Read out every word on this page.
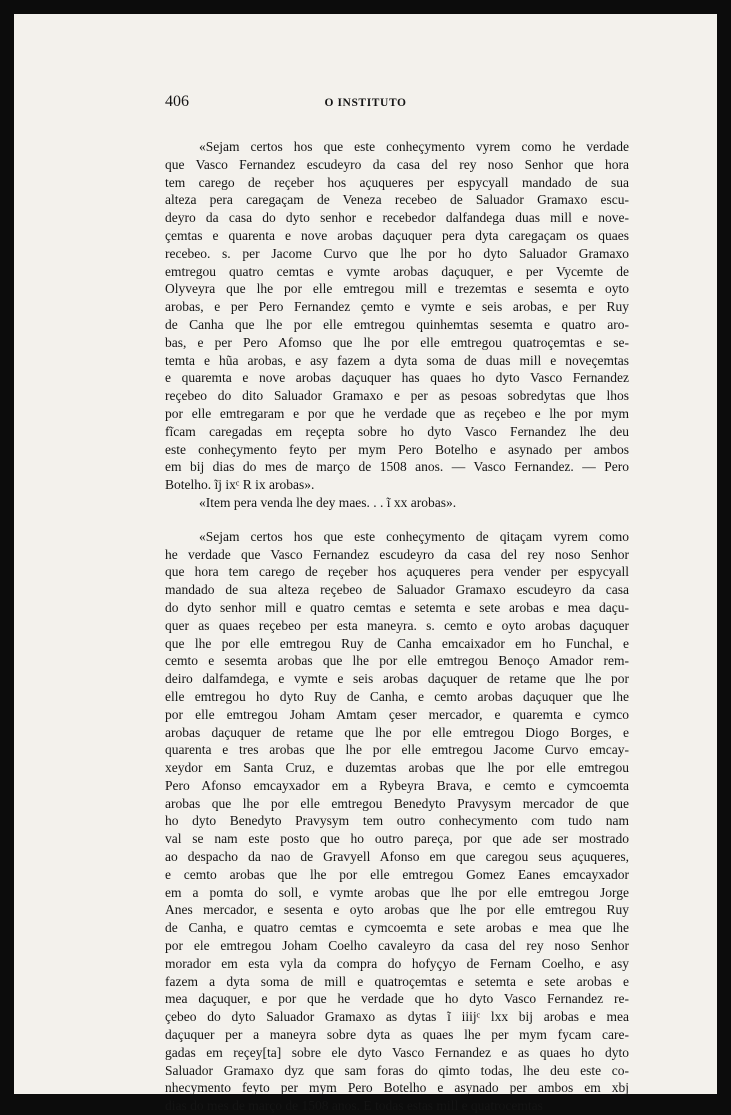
406	O INSTITUTO
«Sejam certos hos que este conheçymento vyrem como he verdade
que Vasco Fernandez escudeyro da casa del rey noso Senhor que hora
tem carego de reçeber hos açuqueres per espycyall mandado de sua
alteza pera caregaçam de Veneza recebeo de Saluador Gramaxo escu-
deyro da casa do dyto senhor e recebedor dalfandega duas mill e nove-
çemtas e quarenta e nove arobas daçuquer pera dyta caregaçam os quaes
recebeo. s. per Jacome Curvo que lhe por ho dyto Saluador Gramaxo
emtregou quatro cemtas e vymte arobas daçuquer, e per Vycemte de
Olyveyra que lhe por elle emtregou mill e trezemtas e sesemta e oyto
arobas, e per Pero Fernandez çemto e vymte e seis arobas, e per Ruy
de Canha que lhe por elle emtregou quinhemtas sesemta e quatro aro-
bas, e per Pero Afomso que lhe por elle emtregou quatroçemtas e se-
temta e hũa arobas, e asy fazem a dyta soma de duas mill e noveçemtas
e quaremta e nove arobas daçuquer has quaes ho dyto Vasco Fernandez
reçebeo do dito Saluador Gramaxo e per as pesoas sobredytas que lhos
por elle emtregaram e por que he verdade que as reçebeo e lhe por mym
fĩcam caregadas em reçepta sobre ho dyto Vasco Fernandez lhe deu
este conheçymento feyto per mym Pero Botelho e asynado per ambos
em bij dias do mes de março de 1508 anos. — Vasco Fernandez. — Pero
Botelho. ĩj ixᶜ R ix arobas».
«Item pera venda lhe dey maes. . . ĩ xx arobas».
«Sejam certos hos que este conheçymento de qitaçam vyrem como
he verdade que Vasco Fernandez escudeyro da casa del rey noso Senhor
que hora tem carego de reçeber hos açuqueres pera vender per espycyall
mandado de sua alteza reçebeo de Saluador Gramaxo escudeyro da casa
do dyto senhor mill e quatro cemtas e setemta e sete arobas e mea daçu-
quer as quaes reçebeo per esta maneyra. s. cemto e oyto arobas daçuquer
que lhe por elle emtregou Ruy de Canha emcaixador em ho Funchal, e
cemto e sesemta arobas que lhe por elle emtregou Benoço Amador rem-
deiro dalfamdega, e vymte e seis arobas daçuquer de retame que lhe por
elle emtregou ho dyto Ruy de Canha, e cemto arobas daçuquer que lhe
por elle emtregou Joham Amtam çeser mercador, e quaremta e cymco
arobas daçuquer de retame que lhe por elle emtregou Diogo Borges, e
quarenta e tres arobas que lhe por elle emtregou Jacome Curvo emcay-
xeydor em Santa Cruz, e duzemtas arobas que lhe por elle emtregou
Pero Afonso emcayxador em a Rybeyra Brava, e cemto e cymcoemta
arobas que lhe por elle emtregou Benedyto Pravysym mercador de que
ho dyto Benedyto Pravysym tem outro conhecymento com tudo nam
val se nam este posto que ho outro pareça, por que ade ser mostrado
ao despacho da nao de Gravyell Afonso em que caregou seus açuqueres,
e cemto arobas que lhe por elle emtregou Gomez Eanes emcayxador
em a pomta do soll, e vymte arobas que lhe por elle emtregou Jorge
Anes mercador, e sesenta e oyto arobas que lhe por elle emtregou Ruy
de Canha, e quatro cemtas e cymcoemta e sete arobas e mea que lhe
por ele emtregou Joham Coelho cavaleyro da casa del rey noso Senhor
morador em esta vyla da compra do hofyçyo de Fernam Coelho, e asy
fazem a dyta soma de mill e quatroçemtas e setemta e sete arobas e
mea daçuquer, e por que he verdade que ho dyto Vasco Fernandez re-
çebeo do dyto Saluador Gramaxo as dytas ĩ iiijᶜ lxx bij arobas e mea
daçuquer per a maneyra sobre dyta as quaes lhe per mym fycam care-
gadas em reçey[ta] sobre ele dyto Vasco Fernandez e as quaes ho dyto
Saluador Gramaxo dyz que sam foras do qimto todas, lhe deu este co-
nhecymento feyto per mym Pero Botelho e asynado per ambos em xbj
dias do mes de março de 1508 anos. E todas estas mill e quatrocemtas
